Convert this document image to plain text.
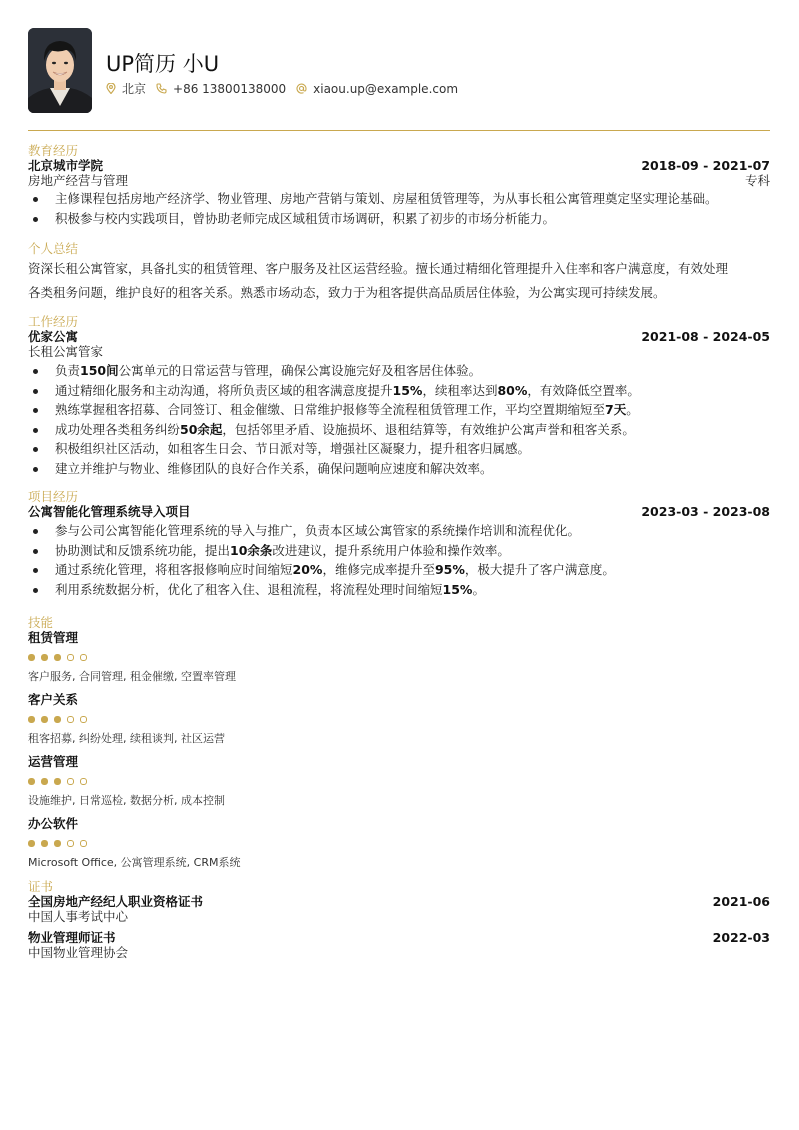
UP简历 小U
北京 +86 13800138000 xiaou.up@example.com
教育经历
北京城市学院	2018-09 - 2021-07
房地产经营与管理	专科
主修课程包括房地产经济学、物业管理、房地产营销与策划、房屋租赁管理等，为从事长租公寓管理奠定坚实理论基础。
积极参与校内实践项目，曾协助老师完成区域租赁市场调研，积累了初步的市场分析能力。
个人总结
资深长租公寓管家，具备扎实的租赁管理、客户服务及社区运营经验。擅长通过精细化管理提升入住率和客户满意度，有效处理
各类租务问题，维护良好的租客关系。熟悉市场动态，致力于为租客提供高品质居住体验，为公寓实现可持续发展。
工作经历
优家公寓	2021-08 - 2024-05
长租公寓管家
负责150间公寓单元的日常运营与管理，确保公寓设施完好及租客居住体验。
通过精细化服务和主动沟通，将所负责区域的租客满意度提升15%，续租率达到80%，有效降低空置率。
熟练掌握租客招募、合同签订、租金催缴、日常维护报修等全流程租赁管理工作，平均空置期缩短至7天。
成功处理各类租务纠纷50余起，包括邻里矛盾、设施损坏、退租结算等，有效维护公寓声誉和租客关系。
积极组织社区活动，如租客生日会、节日派对等，增强社区凝聚力，提升租客归属感。
建立并维护与物业、维修团队的良好合作关系，确保问题响应速度和解决效率。
项目经历
公寓智能化管理系统导入项目	2023-03 - 2023-08
参与公司公寓智能化管理系统的导入与推广，负责本区域公寓管家的系统操作培训和流程优化。
协助测试和反馈系统功能，提出10余条改进建议，提升系统用户体验和操作效率。
通过系统化管理，将租客报修响应时间缩短20%，维修完成率提升至95%，极大提升了客户满意度。
利用系统数据分析，优化了租客入住、退租流程，将流程处理时间缩短15%。
技能
租赁管理
客户服务, 合同管理, 租金催缴, 空置率管理
客户关系
租客招募, 纠纷处理, 续租谈判, 社区运营
运营管理
设施维护, 日常巡检, 数据分析, 成本控制
办公软件
Microsoft Office, 公寓管理系统, CRM系统
证书
全国房地产经纪人职业资格证书	2021-06
中国人事考试中心
物业管理师证书	2022-03
中国物业管理协会
